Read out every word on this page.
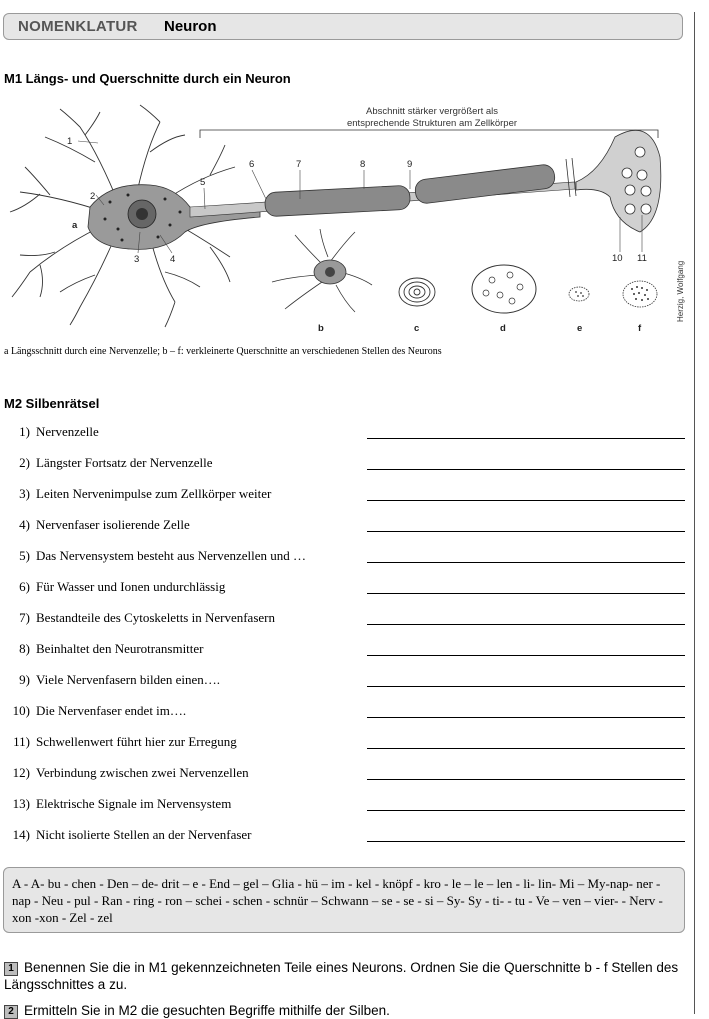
NOMENKLATUR Neuron
M1 Längs- und Querschnitte durch ein Neuron
Abschnitt stärker vergrößert als
entsprechende Strukturen am Zellkörper
1
2
3	4
5
6	7	8	9
10 11
a
b	c	d	e	f
Herzig, Wolfgang
a Längsschnitt durch eine Nervenzelle; b – f: verkleinerte Querschnitte an verschiedenen Stellen des Neurons
M2 Silbenrätsel
1) Nervenzelle
2) Längster Fortsatz der Nervenzelle
3) Leiten Nervenimpulse zum Zellkörper weiter
4) Nervenfaser isolierende Zelle
5) Das Nervensystem besteht aus Nervenzellen und …
6) Für Wasser und Ionen undurchlässig
7) Bestandteile des Cytoskeletts in Nervenfasern
8) Beinhaltet den Neurotransmitter
9) Viele Nervenfasern bilden einen….
10) Die Nervenfaser endet im….
11) Schwellenwert führt hier zur Erregung
12) Verbindung zwischen zwei Nervenzellen
13) Elektrische Signale im Nervensystem
14) Nicht isolierte Stellen an der Nervenfaser
A - A- bu - chen - Den – de- drit – e - End – gel – Glia - hü – im - kel - knöpf - kro - le – le – len - li- lin- Mi – My-nap- ner - nap - Neu - pul - Ran - ring - ron – schei - schen - schnür – Schwann – se - se - si – Sy- Sy - ti- - tu - Ve – ven – vier- - Nerv - xon -xon - Zel - zel
1 Benennen Sie die in M1 gekennzeichneten Teile eines Neurons. Ordnen Sie die Querschnitte b - f Stellen des Längsschnittes a zu.
2 Ermitteln Sie in M2 die gesuchten Begriffe mithilfe der Silben.
